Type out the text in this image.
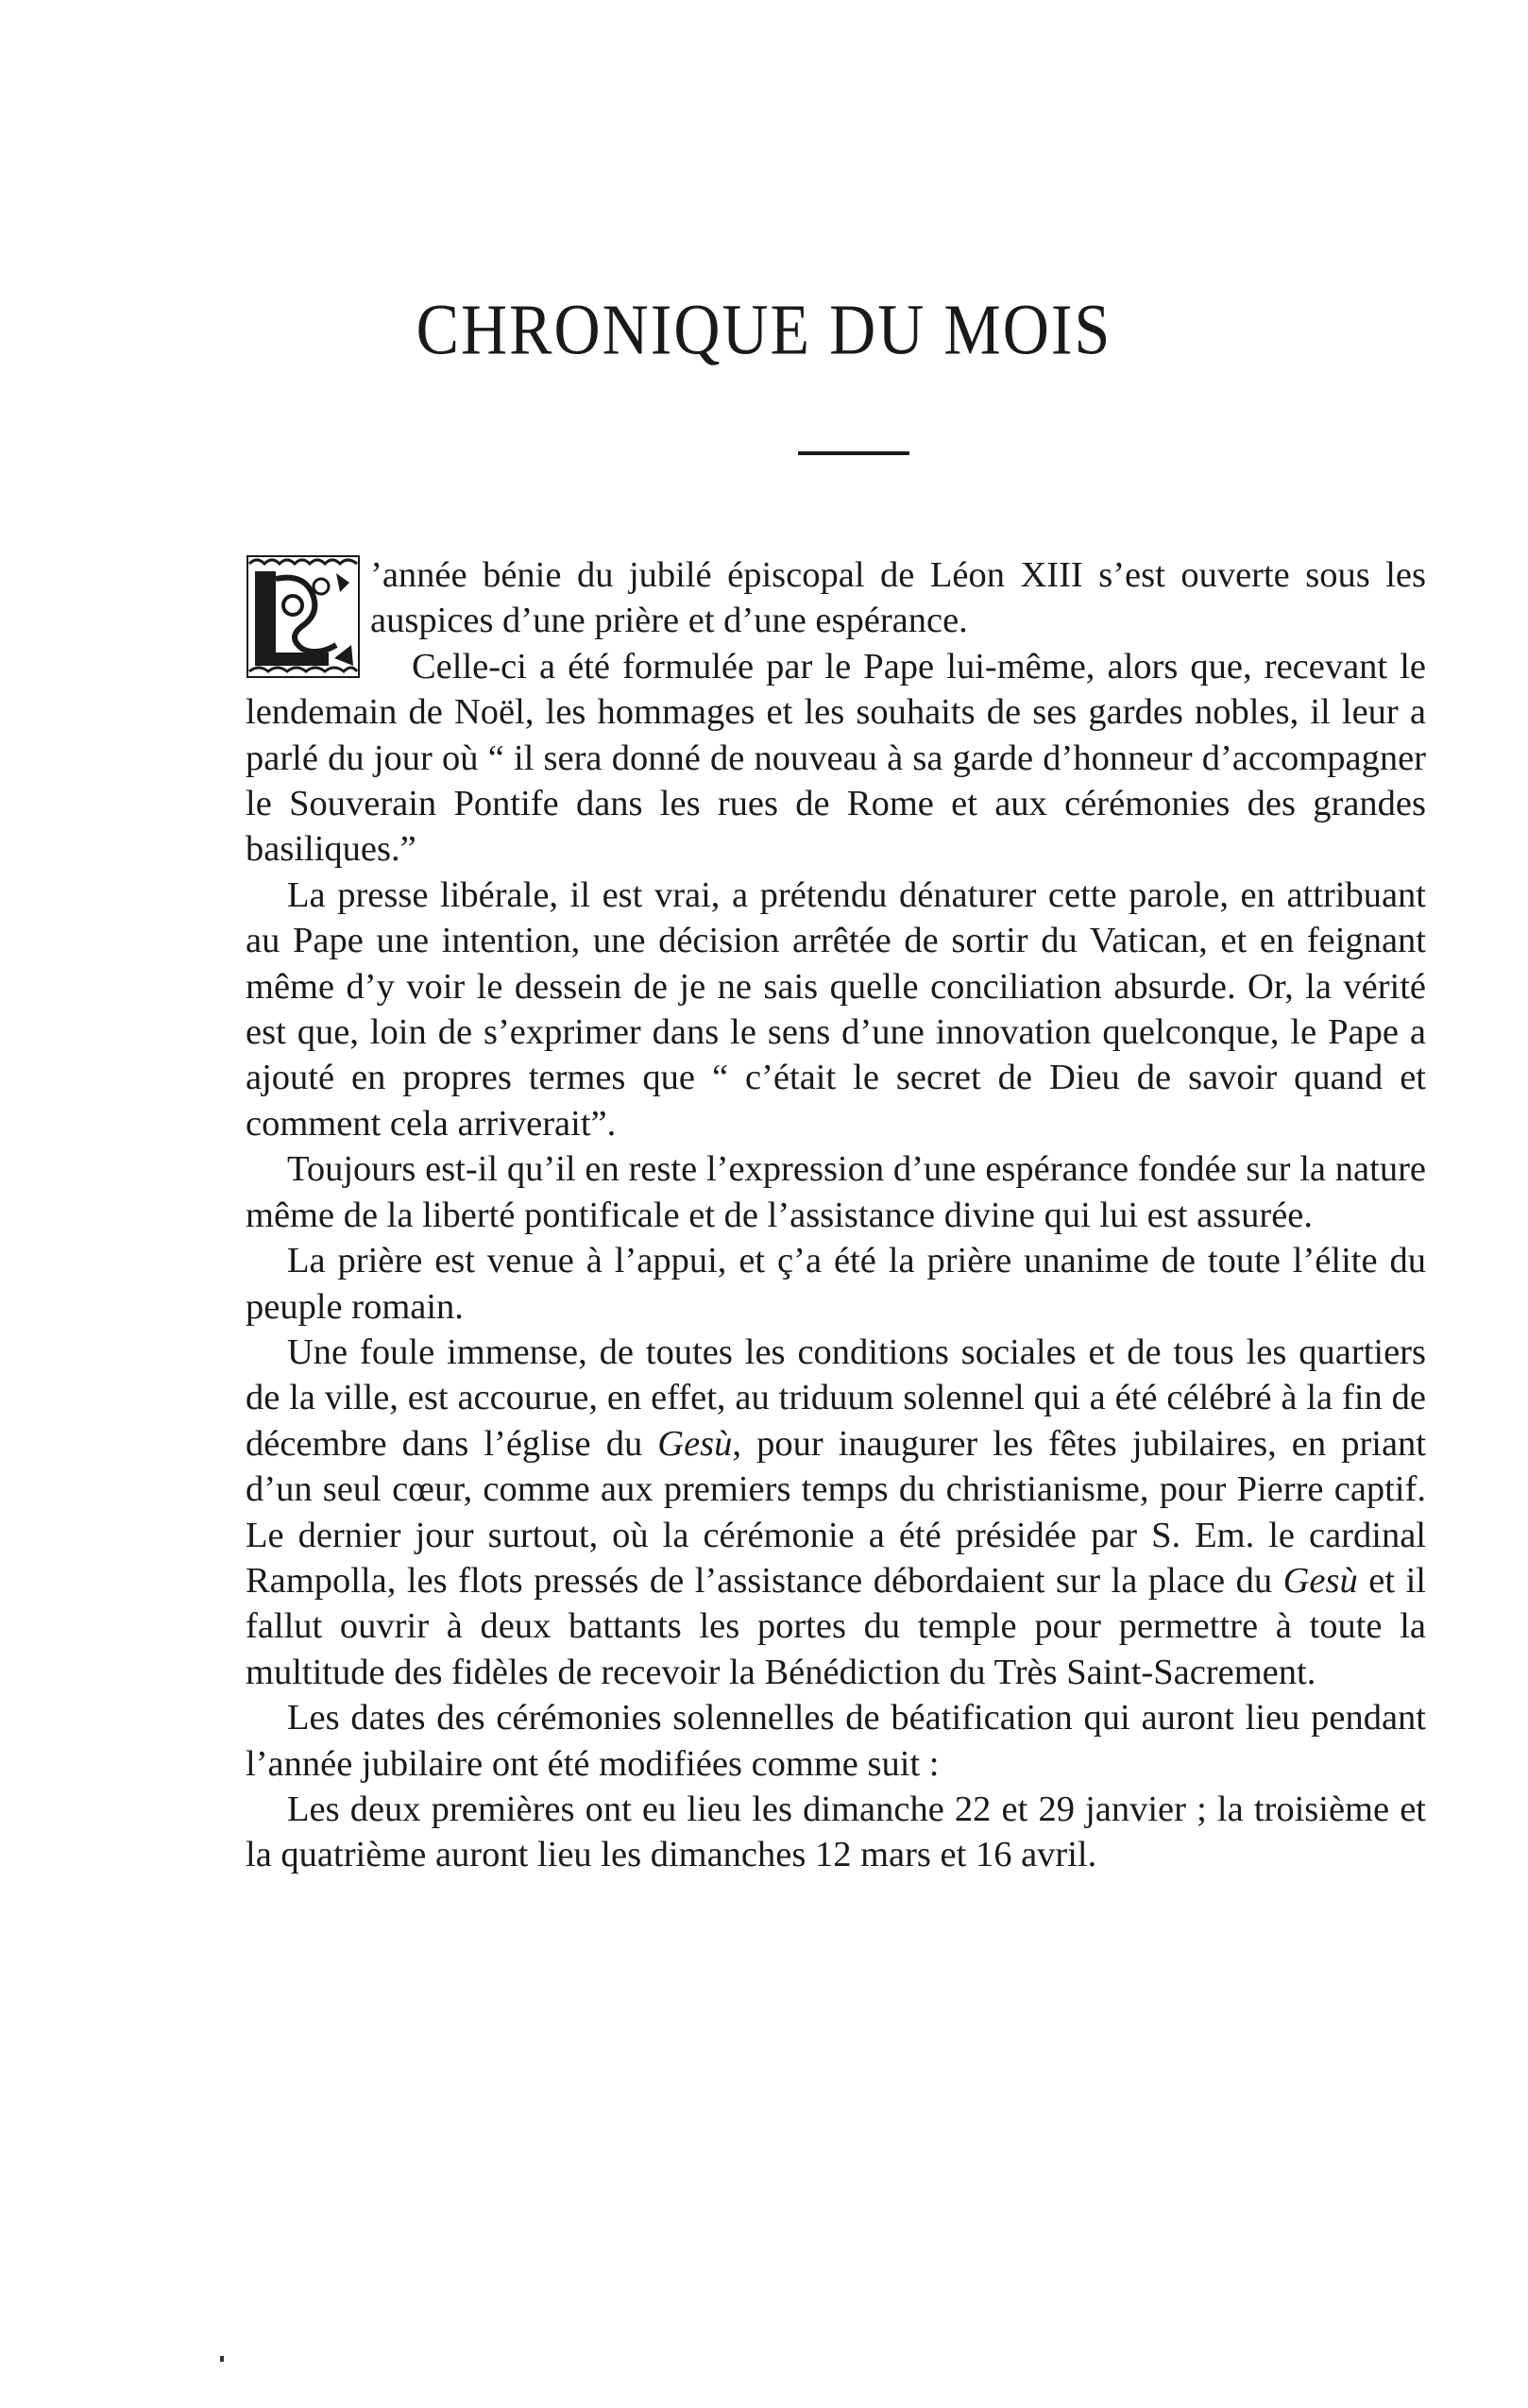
CHRONIQUE DU MOIS

’année bénie du jubilé épiscopal de Léon XIII s’est ouverte sous les auspices d’une prière et d’une espérance.

Celle-ci a été formulée par le Pape lui-même, alors que, recevant le lendemain de Noël, les hommages et les souhaits de ses gardes nobles, il leur a parlé du jour où “ il sera donné de nouveau à sa garde d’honneur d’accompagner le Souverain Pontife dans les rues de Rome et aux cérémonies des grandes basiliques.”

La presse libérale, il est vrai, a prétendu dénaturer cette parole, en attribuant au Pape une intention, une décision arrêtée de sortir du Vatican, et en feignant même d’y voir le dessein de je ne sais quelle conciliation absurde. Or, la vérité est que, loin de s’exprimer dans le sens d’une innovation quelconque, le Pape a ajouté en propres termes que “ c’était le secret de Dieu de savoir quand et comment cela arriverait”.

Toujours est-il qu’il en reste l’expression d’une espérance fondée sur la nature même de la liberté pontificale et de l’assistance divine qui lui est assurée.

La prière est venue à l’appui, et ç’a été la prière unanime de toute l’élite du peuple romain.

Une foule immense, de toutes les conditions sociales et de tous les quartiers de la ville, est accourue, en effet, au triduum solennel qui a été célébré à la fin de décembre dans l’église du Gesù, pour inaugurer les fêtes jubilaires, en priant d’un seul cœur, comme aux premiers temps du christianisme, pour Pierre captif. Le dernier jour surtout, où la cérémonie a été présidée par S. Em. le cardinal Rampolla, les flots pressés de l’assistance débordaient sur la place du Gesù et il fallut ouvrir à deux battants les portes du temple pour permettre à toute la multitude des fidèles de recevoir la Bénédiction du Très Saint-Sacrement.

Les dates des cérémonies solennelles de béatification qui auront lieu pendant l’année jubilaire ont été modifiées comme suit :

Les deux premières ont eu lieu les dimanche 22 et 29 janvier ; la troisième et la quatrième auront lieu les dimanches 12 mars et 16 avril.
